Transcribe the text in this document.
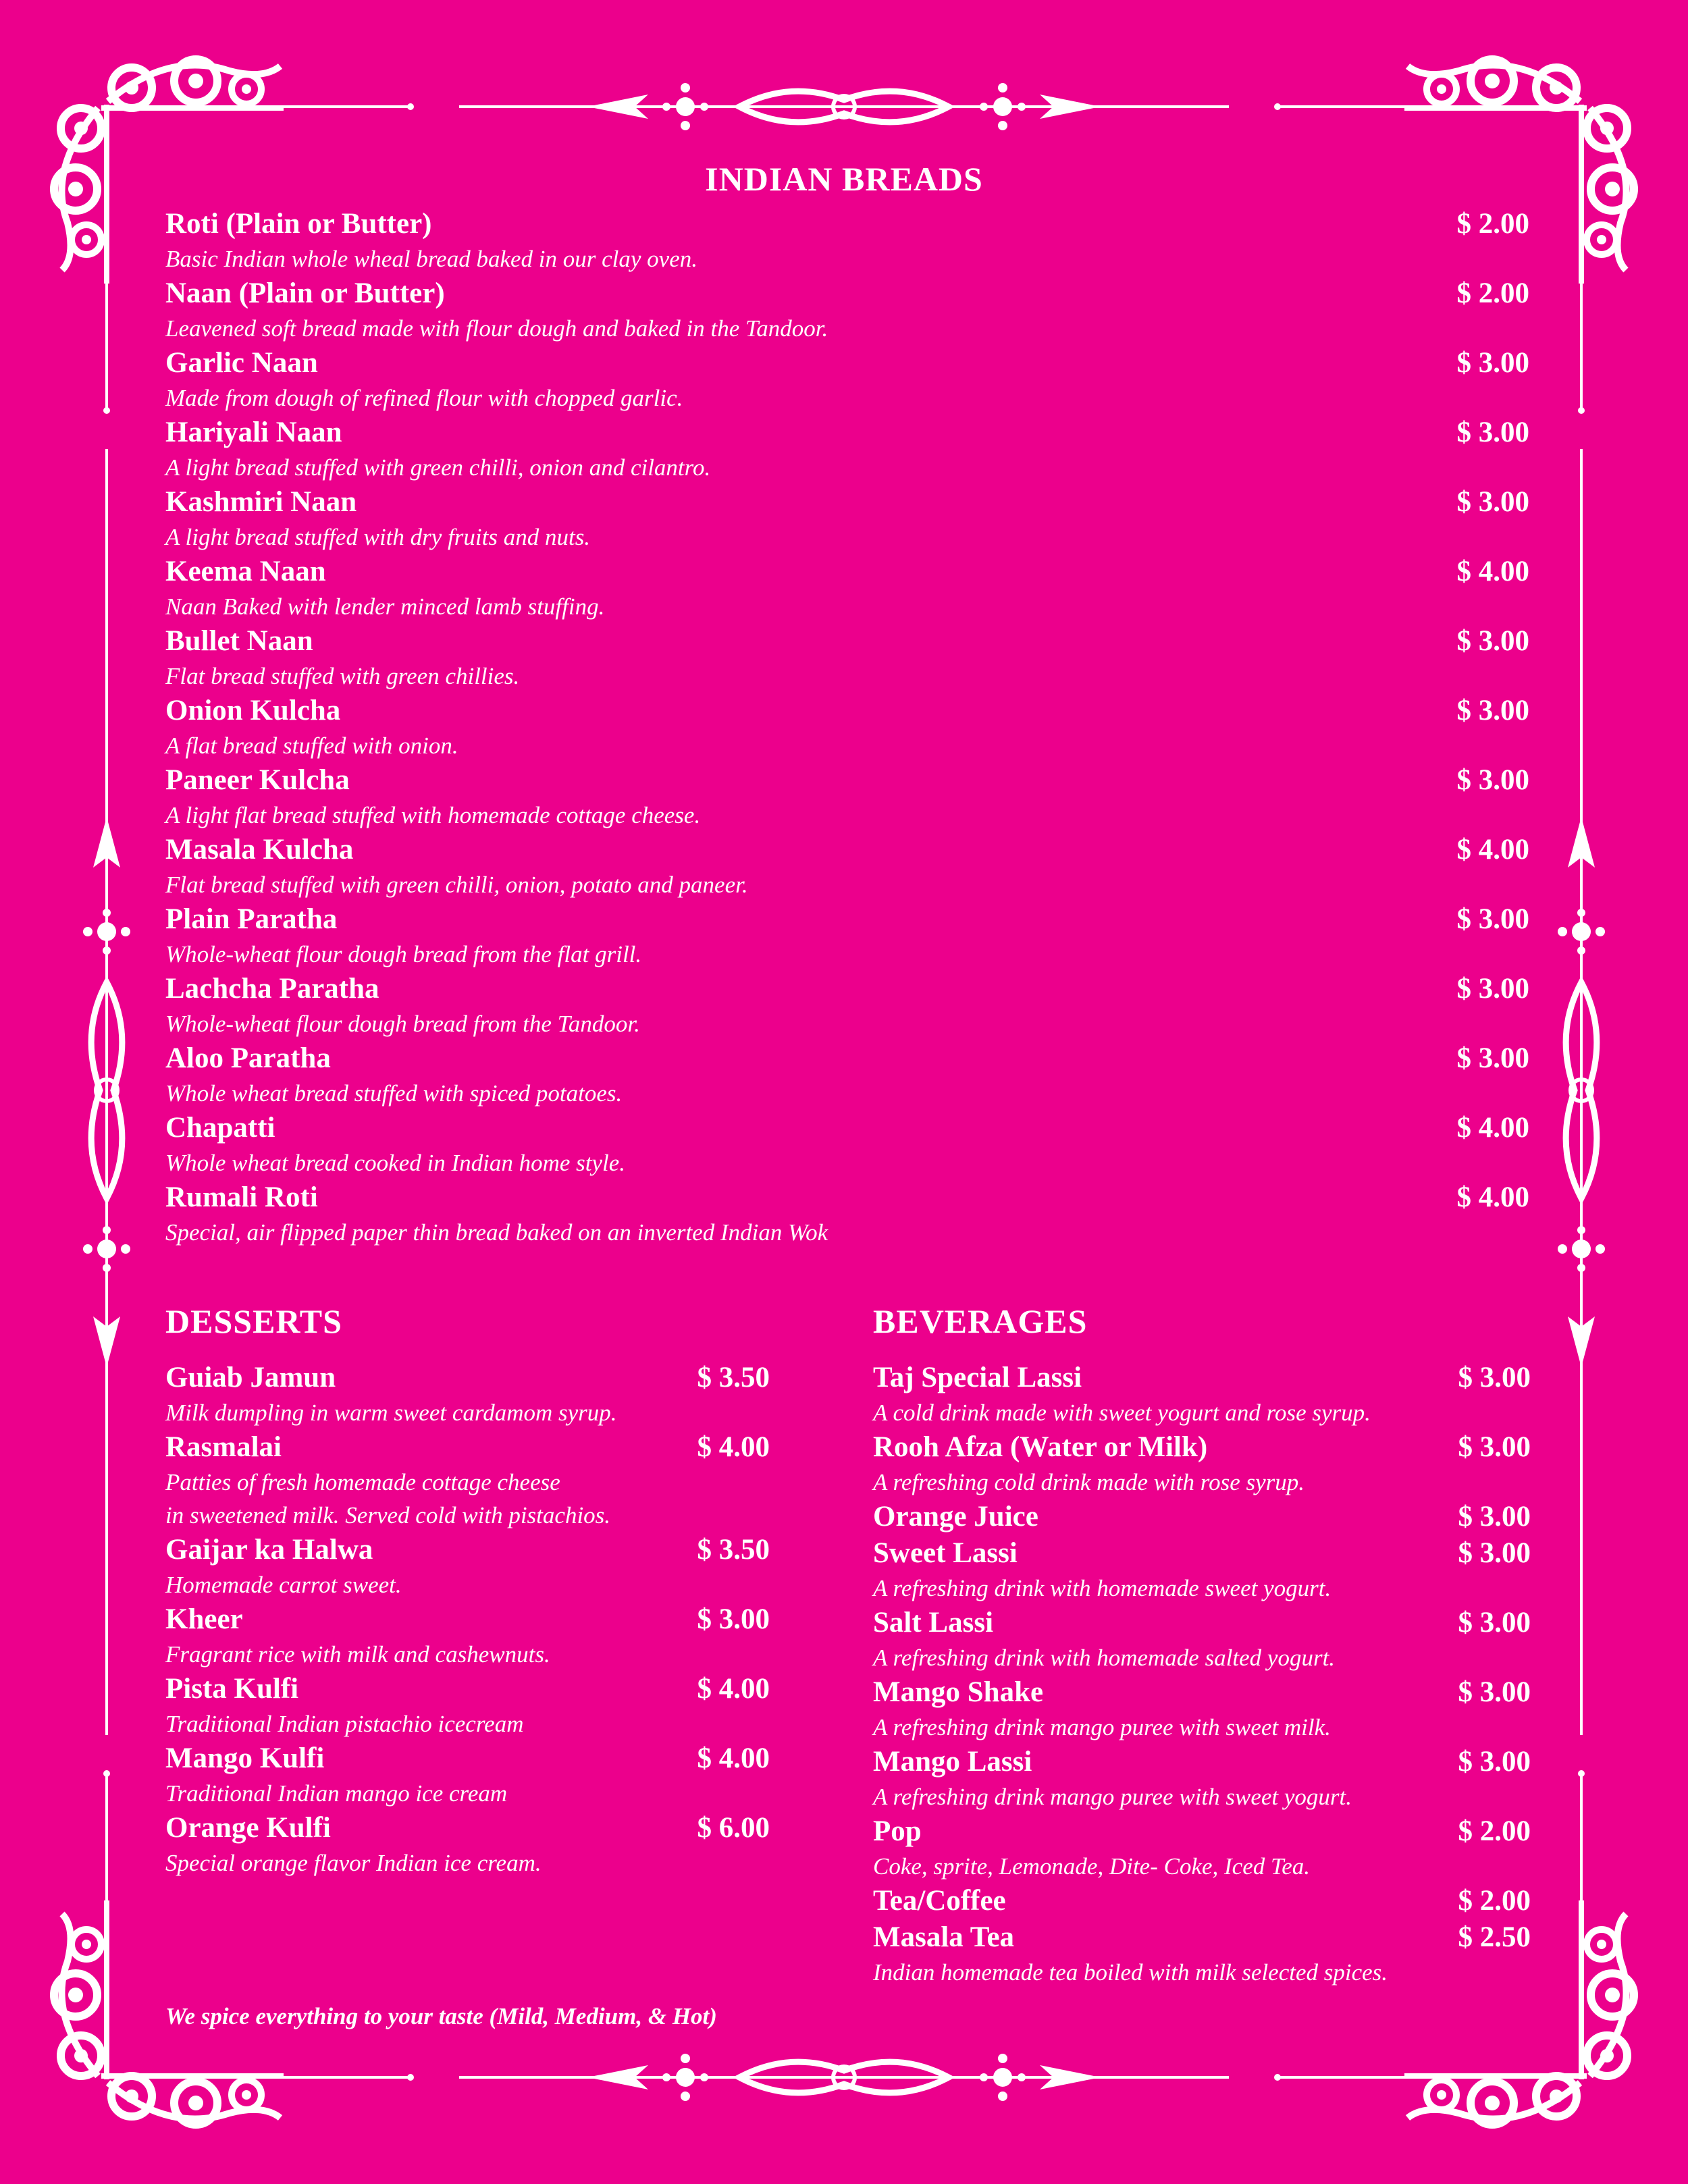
INDIAN BREADS
Roti (Plain or Butter)	$ 2.00
Basic Indian whole wheal bread baked in our clay oven.
Naan (Plain or Butter)	$ 2.00
Leavened soft bread made with flour dough and baked in the Tandoor.
Garlic Naan	$ 3.00
Made from dough of refined flour with chopped garlic.
Hariyali Naan	$ 3.00
A light bread stuffed with green chilli, onion and cilantro.
Kashmiri Naan	$ 3.00
A light bread stuffed with dry fruits and nuts.
Keema Naan	$ 4.00
Naan Baked with lender minced lamb stuffing.
Bullet Naan	$ 3.00
Flat bread stuffed with green chillies.
Onion Kulcha	$ 3.00
A flat bread stuffed with onion.
Paneer Kulcha	$ 3.00
A light flat bread stuffed with homemade cottage cheese.
Masala Kulcha	$ 4.00
Flat bread stuffed with green chilli, onion, potato and paneer.
Plain Paratha	$ 3.00
Whole-wheat flour dough bread from the flat grill.
Lachcha Paratha	$ 3.00
Whole-wheat flour dough bread from the Tandoor.
Aloo Paratha	$ 3.00
Whole wheat bread stuffed with spiced potatoes.
Chapatti	$ 4.00
Whole wheat bread cooked in Indian home style.
Rumali Roti	$ 4.00
Special, air flipped paper thin bread baked on an inverted Indian Wok
DESSERTS
Guiab Jamun	$ 3.50
Milk dumpling in warm sweet cardamom syrup.
Rasmalai	$ 4.00
Patties of fresh homemade cottage cheese
in sweetened milk. Served cold with pistachios.
Gaijar ka Halwa	$ 3.50
Homemade carrot sweet.
Kheer	$ 3.00
Fragrant rice with milk and cashewnuts.
Pista Kulfi	$ 4.00
Traditional Indian pistachio icecream
Mango Kulfi	$ 4.00
Traditional Indian mango ice cream
Orange Kulfi	$ 6.00
Special orange flavor Indian ice cream.
BEVERAGES
Taj Special Lassi	$ 3.00
A cold drink made with sweet yogurt and rose syrup.
Rooh Afza (Water or Milk)	$ 3.00
A refreshing cold drink made with rose syrup.
Orange Juice	$ 3.00
Sweet Lassi	$ 3.00
A refreshing drink with homemade sweet yogurt.
Salt Lassi	$ 3.00
A refreshing drink with homemade salted yogurt.
Mango Shake	$ 3.00
A refreshing drink mango puree with sweet milk.
Mango Lassi	$ 3.00
A refreshing drink mango puree with sweet yogurt.
Pop	$ 2.00
Coke, sprite, Lemonade, Dite- Coke, Iced Tea.
Tea/Coffee	$ 2.00
Masala Tea	$ 2.50
Indian homemade tea boiled with milk selected spices.
We spice everything to your taste (Mild, Medium, & Hot)
